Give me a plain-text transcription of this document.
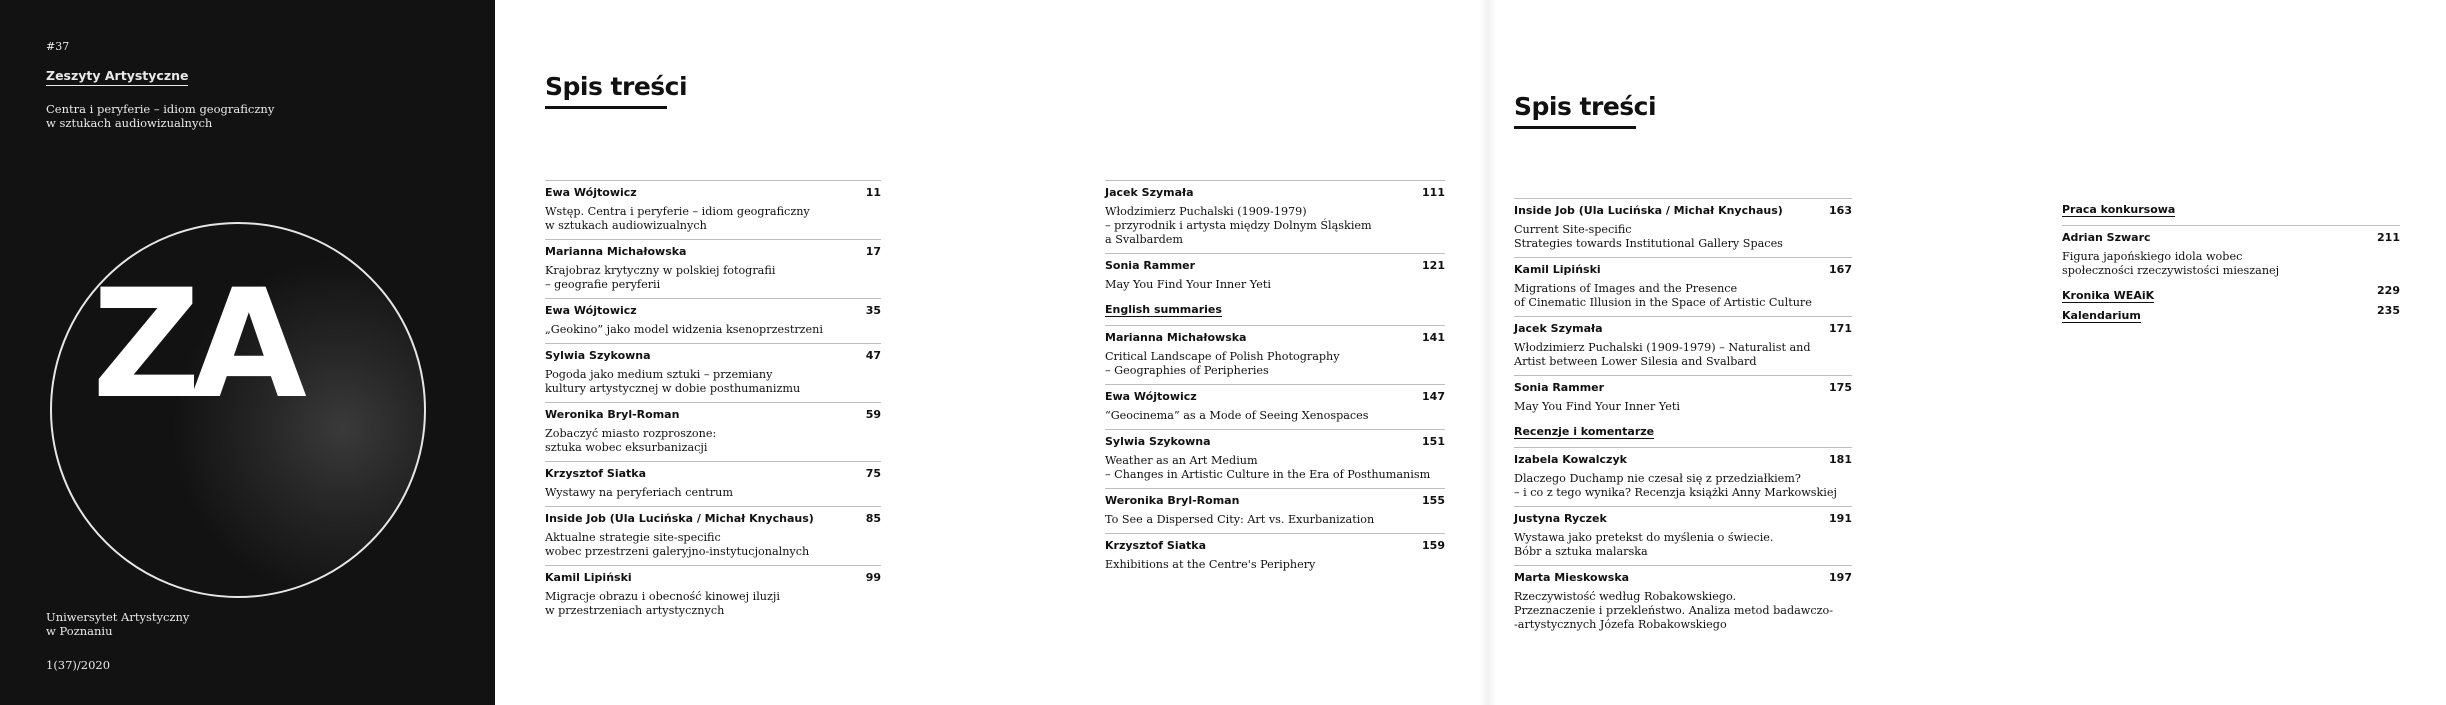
#37
Zeszyty Artystyczne
Centra i peryferie – idiom geograficzny
w sztukach audiowizualnych
ZA
Uniwersytet Artystyczny
w Poznaniu
1(37)/2020
Spis treści
Spis treści
Ewa Wójtowicz	11
Wstęp. Centra i peryferie – idiom geograficzny
w sztukach audiowizualnych
Marianna Michałowska	17
Krajobraz krytyczny w polskiej fotografii
– geografie peryferii
Ewa Wójtowicz	35
„Geokino” jako model widzenia ksenoprzestrzeni
Sylwia Szykowna	47
Pogoda jako medium sztuki – przemiany
kultury artystycznej w dobie posthumanizmu
Weronika Bryl-Roman	59
Zobaczyć miasto rozproszone:
sztuka wobec eksurbanizacji
Krzysztof Siatka	75
Wystawy na peryferiach centrum
Inside Job (Ula Lucińska / Michał Knychaus)	85
Aktualne strategie site-specific
wobec przestrzeni galeryjno-instytucjonalnych
Kamil Lipiński	99
Migracje obrazu i obecność kinowej iluzji
w przestrzeniach artystycznych
Jacek Szymała	111
Włodzimierz Puchalski (1909-1979)
– przyrodnik i artysta między Dolnym Śląskiem
a Svalbardem
Sonia Rammer	121
May You Find Your Inner Yeti
English summaries
Marianna Michałowska	141
Critical Landscape of Polish Photography
– Geographies of Peripheries
Ewa Wójtowicz	147
“Geocinema” as a Mode of Seeing Xenospaces
Sylwia Szykowna	151
Weather as an Art Medium
– Changes in Artistic Culture in the Era of Posthumanism
Weronika Bryl-Roman	155
To See a Dispersed City: Art vs. Exurbanization
Krzysztof Siatka	159
Exhibitions at the Centre's Periphery
Inside Job (Ula Lucińska / Michał Knychaus)	163
Current Site-specific
Strategies towards Institutional Gallery Spaces
Kamil Lipiński	167
Migrations of Images and the Presence
of Cinematic Illusion in the Space of Artistic Culture
Jacek Szymała	171
Włodzimierz Puchalski (1909-1979) – Naturalist and
Artist between Lower Silesia and Svalbard
Sonia Rammer	175
May You Find Your Inner Yeti
Recenzje i komentarze
Izabela Kowalczyk	181
Dlaczego Duchamp nie czesał się z przedziałkiem?
– i co z tego wynika? Recenzja książki Anny Markowskiej
Justyna Ryczek	191
Wystawa jako pretekst do myślenia o świecie.
Bóbr a sztuka malarska
Marta Mieskowska	197
Rzeczywistość według Robakowskiego.
Przeznaczenie i przekleństwo. Analiza metod badawczo-
-artystycznych Józefa Robakowskiego
Praca konkursowa
Adrian Szwarc	211
Figura japońskiego idola wobec
społeczności rzeczywistości mieszanej
Kronika WEAiK	229
Kalendarium	235
